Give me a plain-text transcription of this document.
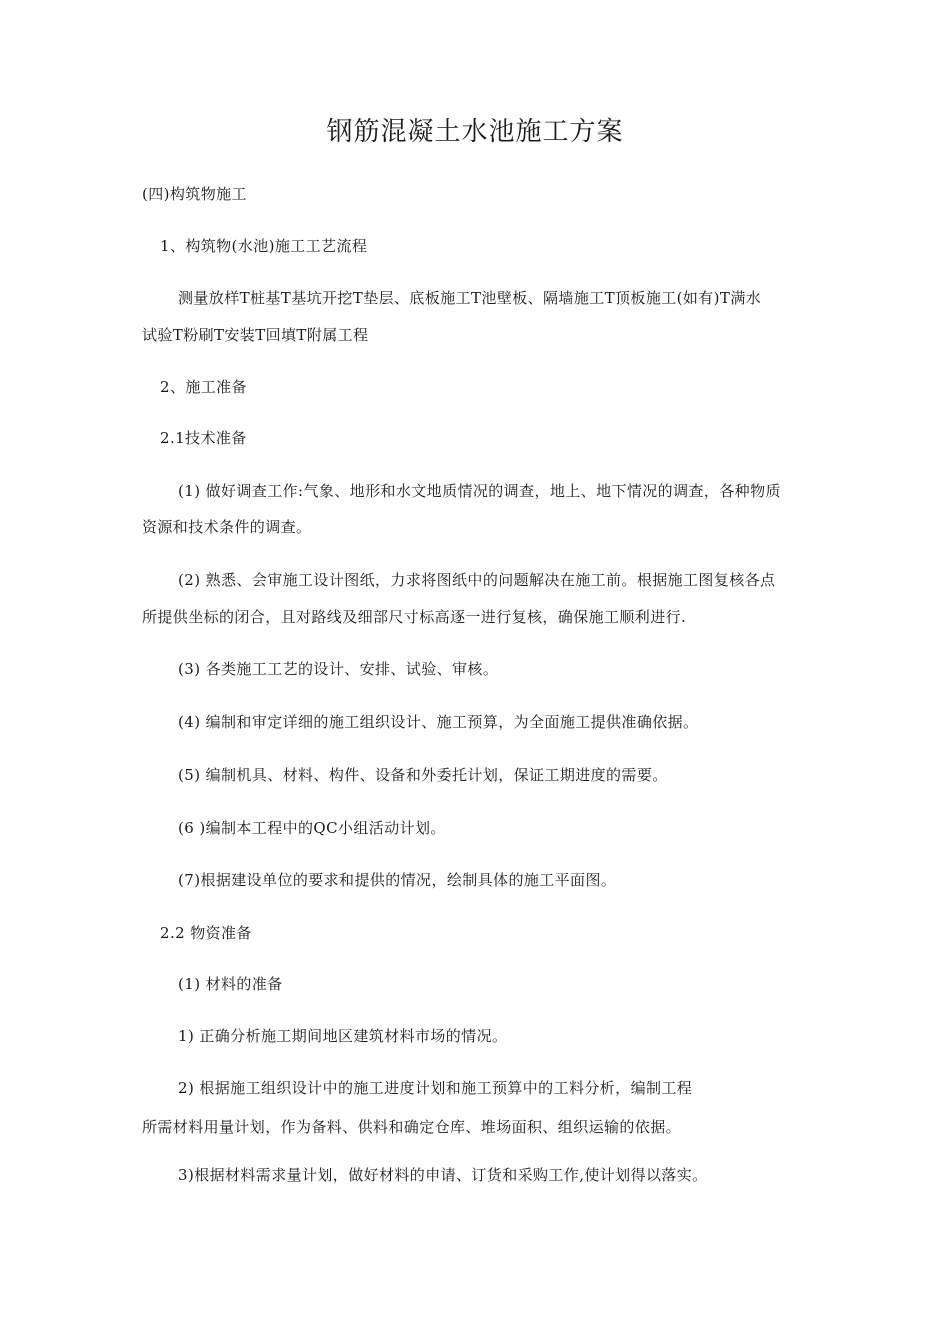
钢筋混凝土水池施工方案
(四)构筑物施工
1、构筑物(水池)施工工艺流程
测量放样T桩基T基坑开挖T垫层、底板施工T池壁板、隔墙施工T顶板施工(如有)T满水
试验T粉刷T安装T回填T附属工程
2、施工准备
2.1技术准备
(1) 做好调查工作:气象、地形和水文地质情况的调查，地上、地下情况的调查，各种物质
资源和技术条件的调查。
(2) 熟悉、会审施工设计图纸，力求将图纸中的问题解决在施工前。根据施工图复核各点
所提供坐标的闭合，且对路线及细部尺寸标高逐一进行复核，确保施工顺利进行.
(3) 各类施工工艺的设计、安排、试验、审核。
(4) 编制和审定详细的施工组织设计、施工预算，为全面施工提供准确依据。
(5) 编制机具、材料、构件、设备和外委托计划，保证工期进度的需要。
(6 )编制本工程中的QC小组活动计划。
(7)根据建设单位的要求和提供的情况，绘制具体的施工平面图。
2.2 物资准备
(1) 材料的准备
1) 正确分析施工期间地区建筑材料市场的情况。
2) 根据施工组织设计中的施工进度计划和施工预算中的工料分析，编制工程
所需材料用量计划，作为备料、供料和确定仓库、堆场面积、组织运输的依据。
3)根据材料需求量计划，做好材料的申请、订货和采购工作,使计划得以落实。
